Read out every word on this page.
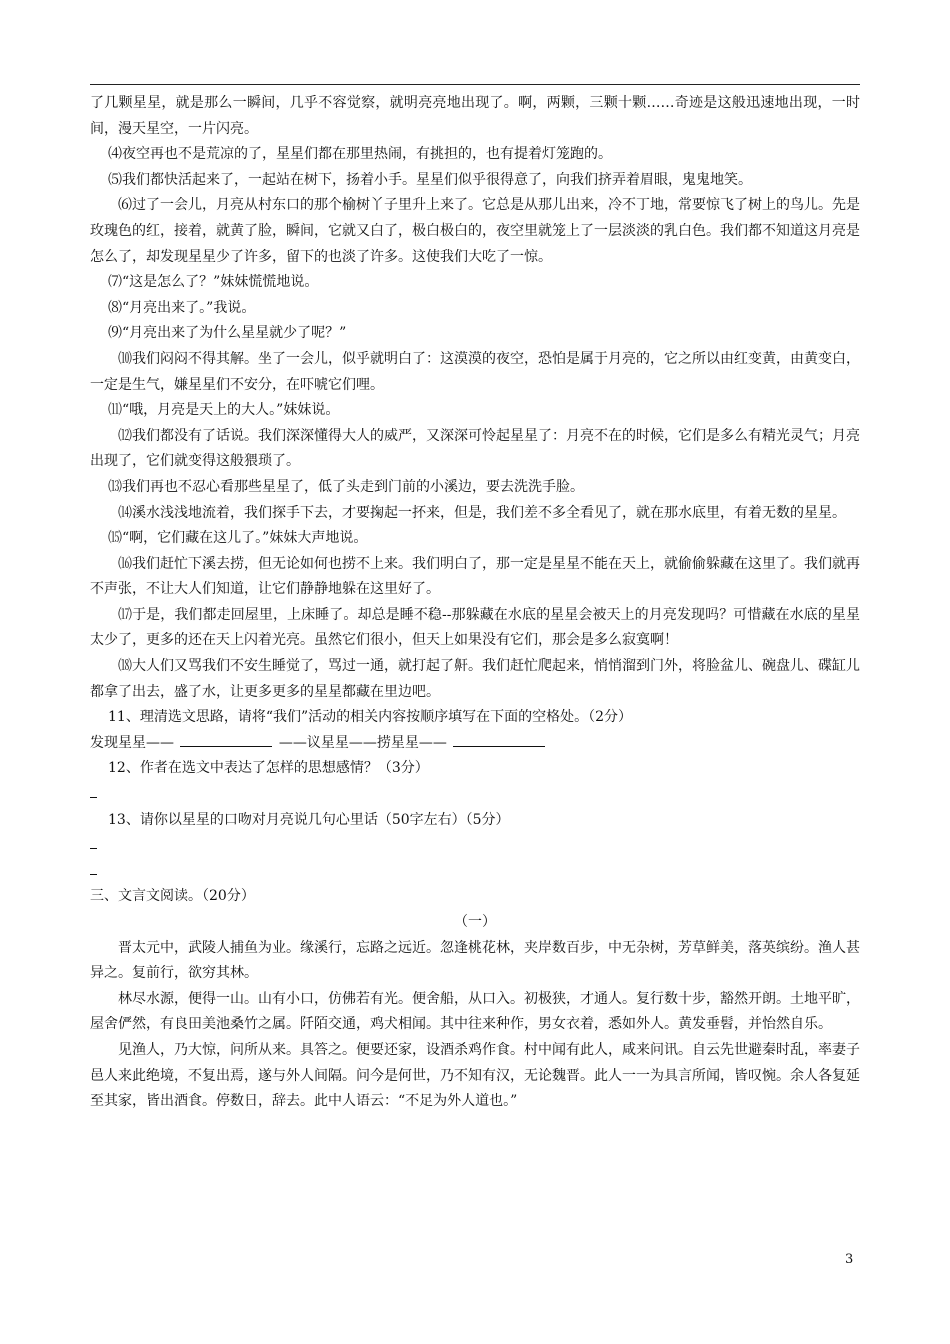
了几颗星星，就是那么一瞬间，几乎不容觉察，就明亮亮地出现了。啊，两颗，三颗十颗……奇迹是这般迅速地出现，一时间，漫天星空，一片闪亮。

⑷夜空再也不是荒凉的了，星星们都在那里热闹，有挑担的，也有提着灯笼跑的。

⑸我们都快活起来了，一起站在树下，扬着小手。星星们似乎很得意了，向我们挤弄着眉眼，鬼鬼地笑。

⑹过了一会儿，月亮从村东口的那个榆树丫子里升上来了。它总是从那儿出来，冷不丁地，常要惊飞了树上的鸟儿。先是玫瑰色的红，接着，就黄了脸，瞬间，它就又白了，极白极白的，夜空里就笼上了一层淡淡的乳白色。我们都不知道这月亮是怎么了，却发现星星少了许多，留下的也淡了许多。这使我们大吃了一惊。

⑺“这是怎么了？”妹妹慌慌地说。

⑻“月亮出来了。”我说。

⑼“月亮出来了为什么星星就少了呢？”

⑽我们闷闷不得其解。坐了一会儿，似乎就明白了：这漠漠的夜空，恐怕是属于月亮的，它之所以由红变黄，由黄变白，一定是生气，嫌星星们不安分，在吓唬它们哩。

⑾“哦，月亮是天上的大人。”妹妹说。

⑿我们都没有了话说。我们深深懂得大人的威严，又深深可怜起星星了：月亮不在的时候，它们是多么有精光灵气；月亮出现了，它们就变得这般猥琐了。

⒀我们再也不忍心看那些星星了，低了头走到门前的小溪边，要去洗洗手脸。

⒁溪水浅浅地流着，我们探手下去，才要掬起一抔来，但是，我们差不多全看见了，就在那水底里，有着无数的星星。

⒂“啊，它们藏在这儿了。”妹妹大声地说。

⒃我们赶忙下溪去捞，但无论如何也捞不上来。我们明白了，那一定是星星不能在天上，就偷偷躲藏在这里了。我们就再不声张，不让大人们知道，让它们静静地躲在这里好了。

⒄于是，我们都走回屋里，上床睡了。却总是睡不稳--那躲藏在水底的星星会被天上的月亮发现吗？可惜藏在水底的星星太少了，更多的还在天上闪着光亮。虽然它们很小，但天上如果没有它们，那会是多么寂寞啊！

⒅大人们又骂我们不安生睡觉了，骂过一通，就打起了鼾。我们赶忙爬起来，悄悄溜到门外，将脸盆儿、碗盘儿、碟缸儿都拿了出去，盛了水，让更多更多的星星都藏在里边吧。

11、理清选文思路，请将“我们”活动的相关内容按顺序填写在下面的空格处。（2分）

发现星星——	——议星星——捞星星——

12、作者在选文中表达了怎样的思想感情？（3分）

13、请你以星星的口吻对月亮说几句心里话（50字左右）（5分）

三、文言文阅读。（20分）

（一）

晋太元中，武陵人捕鱼为业。缘溪行，忘路之远近。忽逢桃花林，夹岸数百步，中无杂树，芳草鲜美，落英缤纷。渔人甚异之。复前行，欲穷其林。

林尽水源，便得一山。山有小口，仿佛若有光。便舍船，从口入。初极狭，才通人。复行数十步，豁然开朗。土地平旷，屋舍俨然，有良田美池桑竹之属。阡陌交通，鸡犬相闻。其中往来种作，男女衣着，悉如外人。黄发垂髫，并怡然自乐。

见渔人，乃大惊，问所从来。具答之。便要还家，设酒杀鸡作食。村中闻有此人，咸来问讯。自云先世避秦时乱，率妻子邑人来此绝境，不复出焉，遂与外人间隔。问今是何世，乃不知有汉，无论魏晋。此人一一为具言所闻，皆叹惋。余人各复延至其家，皆出酒食。停数日，辞去。此中人语云：“不足为外人道也。”

3
